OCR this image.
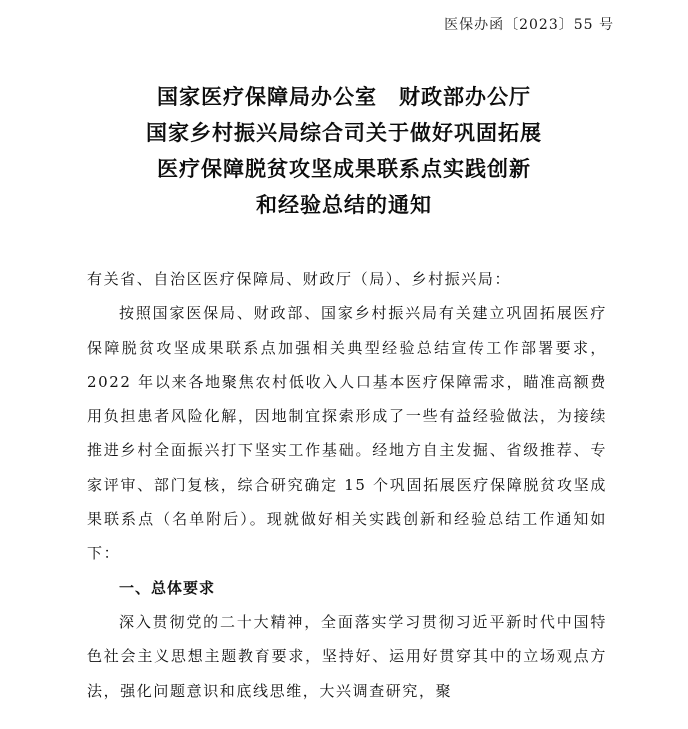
医保办函〔2023〕55 号
国家医疗保障局办公室　财政部办公厅
国家乡村振兴局综合司关于做好巩固拓展
医疗保障脱贫攻坚成果联系点实践创新
和经验总结的通知

有关省、自治区医疗保障局、财政厅（局）、乡村振兴局：

按照国家医保局、财政部、国家乡村振兴局有关建立巩固拓展医疗保障脱贫攻坚成果联系点加强相关典型经验总结宣传工作部署要求，2022 年以来各地聚焦农村低收入人口基本医疗保障需求，瞄准高额费用负担患者风险化解，因地制宜探索形成了一些有益经验做法，为接续推进乡村全面振兴打下坚实工作基础。经地方自主发掘、省级推荐、专家评审、部门复核，综合研究确定 15 个巩固拓展医疗保障脱贫攻坚成果联系点（名单附后）。现就做好相关实践创新和经验总结工作通知如下：

一、总体要求

深入贯彻党的二十大精神，全面落实学习贯彻习近平新时代中国特色社会主义思想主题教育要求，坚持好、运用好贯穿其中的立场观点方法，强化问题意识和底线思维，大兴调查研究，聚
